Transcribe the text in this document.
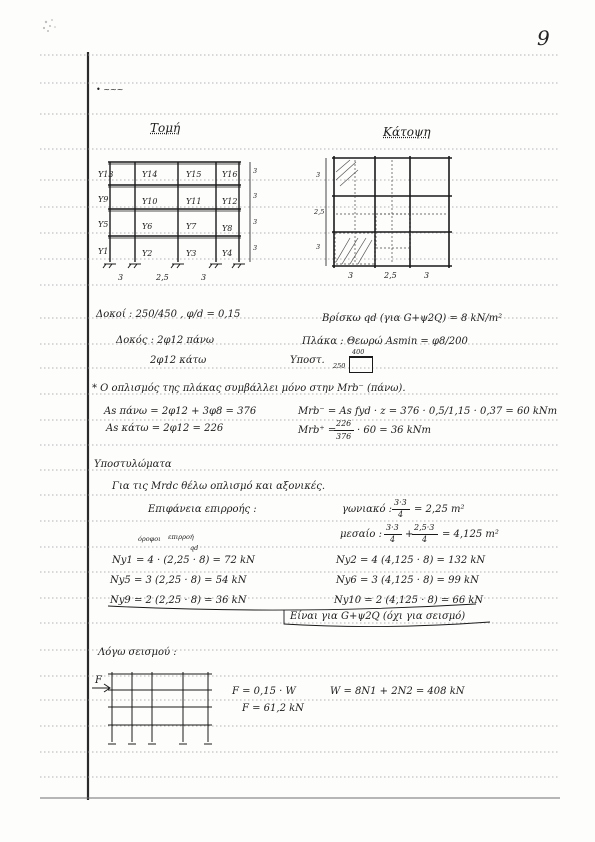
9
• ~~~
Τομή	Κάτοψη
Y13	Y14	Y15	Y16
Y9	Y10	Y11	Y12
Y5	Y6	Y7	Y8
Y1	Y2	Y3	Y4
3
3
3
3
3	2,5	3
3
2,5
3
3	2,5	3
Δοκοί : 250/450 , φ/d = 0,15	Βρίσκω qd (για G+ψ2Q) = 8 kN/m²
Δοκός : 2φ12 πάνω	Πλάκα : Θεωρώ Asmin = φ8/200
2φ12 κάτω	Υποστ.
400
250
* Ο οπλισμός της πλάκας συμβάλλει μόνο στην Mrb⁻ (πάνω).
As πάνω = 2φ12 + 3φ8 = 376	Mrb⁻ = As fyd · z = 376 · 0,5/1,15 · 0,37 = 60 kNm
As κάτω = 2φ12 = 226	Mrb⁺ =
226
376
· 60 = 36 kNm
Υποστυλώματα
Για τις Mrdc θέλω οπλισμό και αξονικές.
Επιφάνεια επιρροής :	γωνιακό :
3·3
4 = 2,25 m²
μεσαίο :
3·3
4 +
2,5·3
4 = 4,125 m²
όροφοι επιρροή
qd
Ny1 = 4 · (2,25 · 8) = 72 kN	Ny2 = 4 (4,125 · 8) = 132 kN
Ny5 = 3 (2,25 · 8) = 54 kN	Ny6 = 3 (4,125 · 8) = 99 kN
Ny9 = 2 (2,25 · 8) = 36 kN	Ny10 = 2 (4,125 · 8) = 66 kN
Είναι για G+ψ2Q (όχι για σεισμό)
Λόγω σεισμού :
F
F = 0,15 · W	W = 8N1 + 2N2 = 408 kN
F = 61,2 kN
